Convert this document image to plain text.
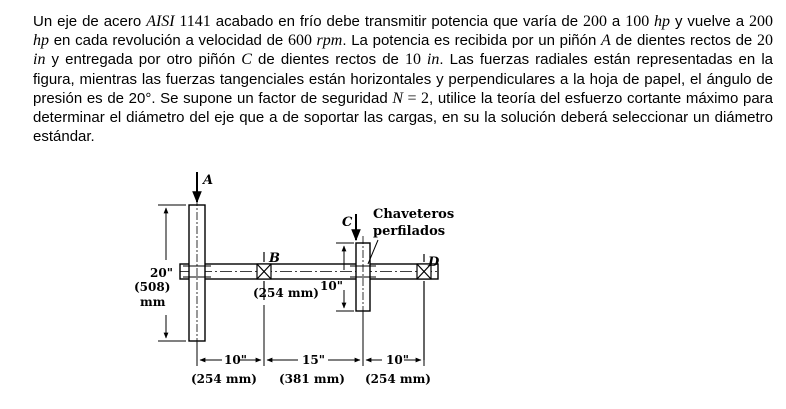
Un eje de acero AISI 1141 acabado en frío debe transmitir potencia que varía de 200 a 100 hp y vuelve a 200 hp en cada revolución a velocidad de 600 rpm. La potencia es recibida por un piñón A de dientes rectos de 20 in y entregada por otro piñón C de dientes rectos de 10 in. Las fuerzas radiales están representadas en la figura, mientras las fuerzas tangenciales están horizontales y perpendiculares a la hoja de papel, el ángulo de presión es de 20°. Se supone un factor de seguridad N = 2, utilice la teoría del esfuerzo cortante máximo para determinar el diámetro del eje que a de soportar las cargas, en su la solución deberá seleccionar un diámetro estándar.
A
20"
(508)
mm
B
C
10"
(254 mm)
Chaveteros
perfilados
D
10"
(254 mm)
15"
(381 mm)
10"
(254 mm)
